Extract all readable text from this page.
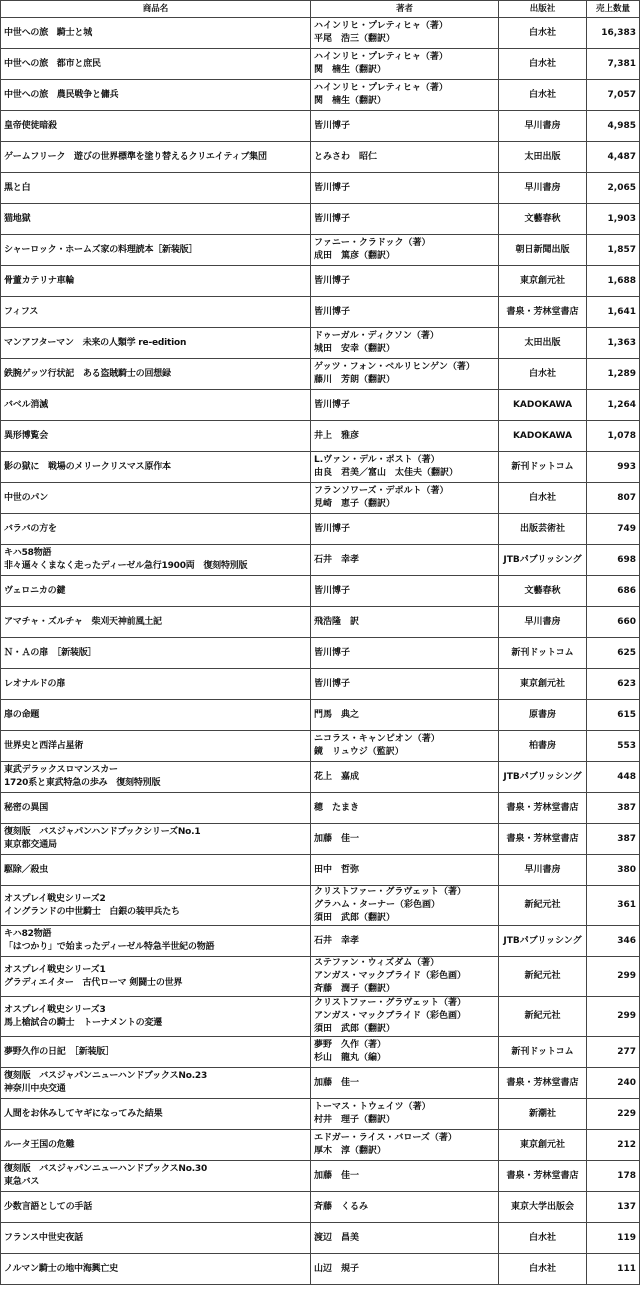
商品名	著者	出版社	売上数量

中世への旅　騎士と城	ハインリヒ・プレティヒャ（著）
平尾　浩三（翻訳）	白水社	16,383

中世への旅　都市と庶民	ハインリヒ・プレティヒャ（著）
関　楠生（翻訳）	白水社	7,381

中世への旅　農民戦争と傭兵	ハインリヒ・プレティヒャ（著）
関　楠生（翻訳）	白水社	7,057

皇帝使徒暗殺	皆川博子	早川書房	4,985

ゲームフリーク　遊びの世界標準を塗り替えるクリエイティブ集団	とみさわ　昭仁	太田出版	4,487

黒と白	皆川博子	早川書房	2,065

猫地獄	皆川博子	文藝春秋	1,903

シャーロック・ホームズ家の料理読本［新装版］	ファニー・クラドック（著）
成田　篤彦（翻訳）	朝日新聞出版	1,857

骨董カテリナ車輪	皆川博子	東京創元社	1,688

フィフス	皆川博子	書泉・芳林堂書店	1,641

マンアフターマン　未来の人類学 re-edition	ドゥーガル・ディクソン（著）
城田　安幸（翻訳）	太田出版	1,363

鉄腕ゲッツ行状記　ある盗賊騎士の回想録	ゲッツ・フォン・ベルリヒンゲン（著）
藤川　芳朗（翻訳）	白水社	1,289

バベル消滅	皆川博子	KADOKAWA	1,264

異形博覧会	井上　雅彦	KADOKAWA	1,078

影の獄に　戦場のメリークリスマス原作本	L.ヴァン・デル・ポスト（著）
由良　君美／富山　太佳夫（翻訳）	新刊ドットコム	993

中世のパン	フランソワーズ・デポルト（著）
見崎　恵子（翻訳）	白水社	807

バラバの方を	皆川博子	出版芸術社	749

キハ58物語
非々逼々くまなく走ったディーゼル急行1900両　復刻特別版	石井　幸孝	JTBパブリッシング	698

ヴェロニカの鍵	皆川博子	文藝春秋	686

アマチャ・ズルチャ　柴刈天神前風土記	飛浩隆　訳	早川書房	660

Ｎ・Ａの扉　［新装版］	皆川博子	新刊ドットコム	625

レオナルドの扉	皆川博子	東京創元社	623

扉の命題	門馬　典之	原書房	615

世界史と西洋占星術	ニコラス・キャンピオン（著）
鏡　リュウジ（監訳）	柏書房	553

東武デラックスロマンスカー
1720系と東武特急の歩み　復刻特別版	花上　嘉成	JTBパブリッシング	448

秘密の異国	穂　たまき	書泉・芳林堂書店	387

復刻版　バスジャパンハンドブックシリーズNo.1
東京都交通局	加藤　佳一	書泉・芳林堂書店	387

駆除／殺虫	田中　哲弥	早川書房	380

オスプレイ戦史シリーズ2
イングランドの中世騎士　白銀の装甲兵たち	クリストファー・グラヴェット（著）
グラハム・ターナー（彩色画）
須田　武郎（翻訳）	新紀元社	361

キハ82物語
「はつかり」で始まったディーゼル特急半世紀の物語	石井　幸孝	JTBパブリッシング	346

オスプレイ戦史シリーズ1
グラディエイター　古代ローマ 剣闘士の世界	ステファン・ウィズダム（著）
アンガス・マックブライド（彩色画）
斉藤　潤子（翻訳）	新紀元社	299

オスプレイ戦史シリーズ3
馬上槍試合の騎士　トーナメントの変遷	クリストファー・グラヴェット（著）
アンガス・マックブライド（彩色画）
須田　武郎（翻訳）	新紀元社	299

夢野久作の日記　［新装版］	夢野　久作（著）
杉山　龍丸（編）	新刊ドットコム	277

復刻版　バスジャパンニューハンドブックスNo.23
神奈川中央交通	加藤　佳一	書泉・芳林堂書店	240

人間をお休みしてヤギになってみた結果	トーマス・トウェイツ（著）
村井　理子（翻訳）	新潮社	229

ルータ王国の危難	エドガー・ライス・バローズ（著）
厚木　淳（翻訳）	東京創元社	212

復刻版　バスジャパンニューハンドブックスNo.30
東急バス	加藤　佳一	書泉・芳林堂書店	178

少数言語としての手話	斉藤　くるみ	東京大学出版会	137

フランス中世史夜話	渡辺　昌美	白水社	119

ノルマン騎士の地中海興亡史	山辺　規子	白水社	111
